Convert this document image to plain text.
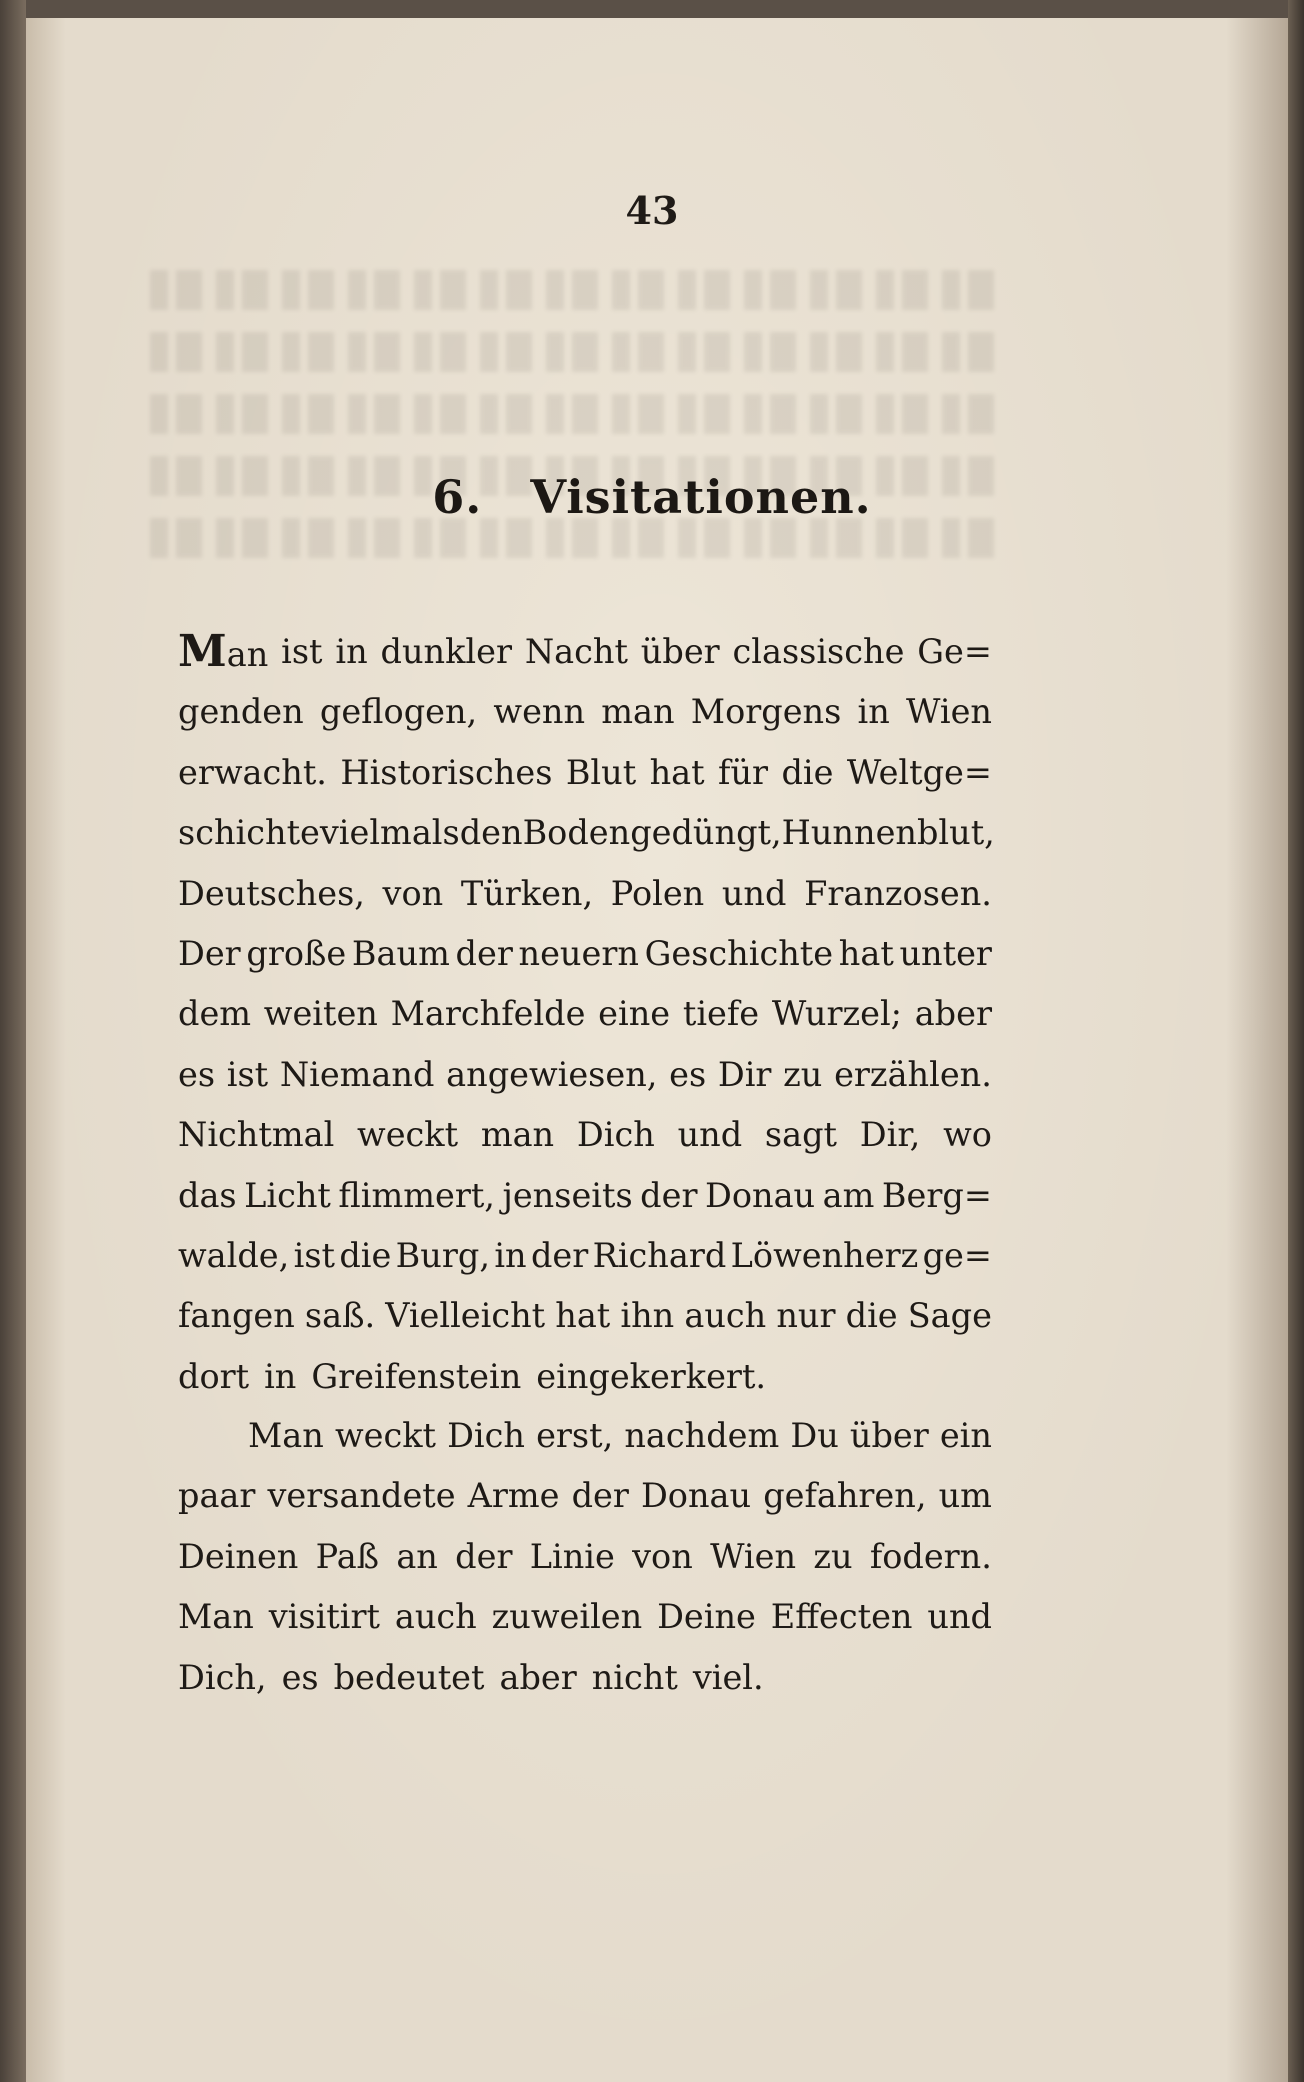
43
6. Visitationen.
Man ist in dunkler Nacht über classische Ge=
genden geflogen, wenn man Morgens in Wien
erwacht. Historisches Blut hat für die Weltge=
schichte vielmals den Boden gedüngt, Hunnenblut,
Deutsches, von Türken, Polen und Franzosen.
Der große Baum der neuern Geschichte hat unter
dem weiten Marchfelde eine tiefe Wurzel; aber
es ist Niemand angewiesen, es Dir zu erzählen.
Nichtmal weckt man Dich und sagt Dir, wo
das Licht flimmert, jenseits der Donau am Berg=
walde, ist die Burg, in der Richard Löwenherz ge=
fangen saß. Vielleicht hat ihn auch nur die Sage
dort in Greifenstein eingekerkert.
Man weckt Dich erst, nachdem Du über ein
paar versandete Arme der Donau gefahren, um
Deinen Paß an der Linie von Wien zu fodern.
Man visitirt auch zuweilen Deine Effecten und
Dich, es bedeutet aber nicht viel.
